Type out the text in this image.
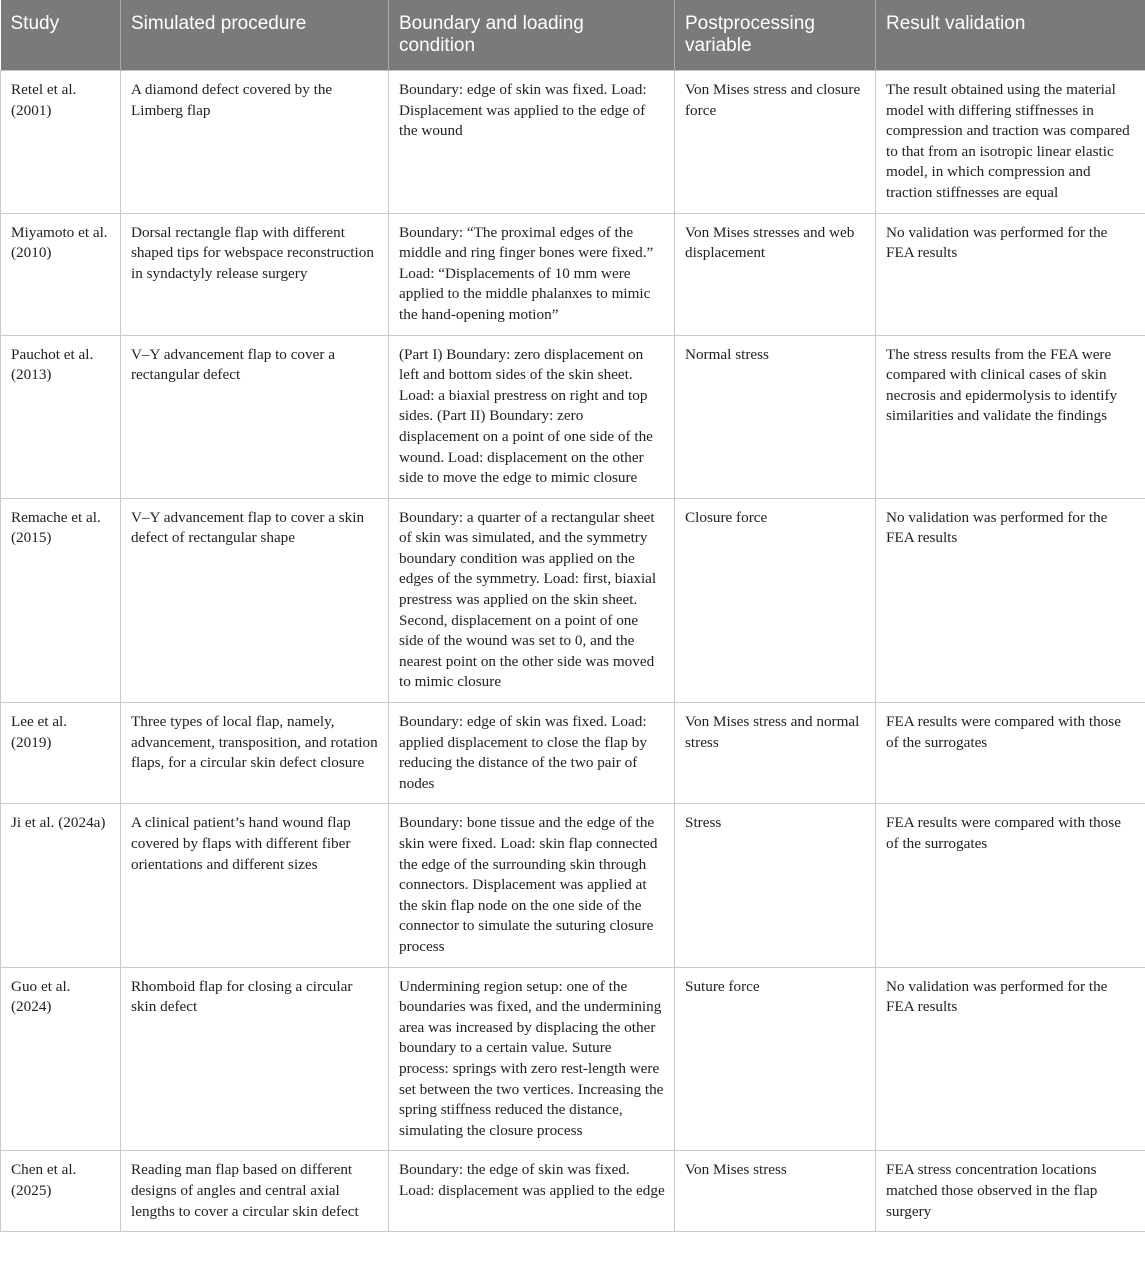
Study	Simulated procedure	Boundary and loading condition	Postprocessing variable	Result validation
Retel et al. (2001)	A diamond defect covered by the Limberg flap	Boundary: edge of skin was fixed. Load: Displacement was applied to the edge of the wound	Von Mises stress and closure force	The result obtained using the material model with differing stiffnesses in compression and traction was compared to that from an isotropic linear elastic model, in which compression and traction stiffnesses are equal
Miyamoto et al. (2010)	Dorsal rectangle flap with different shaped tips for webspace reconstruction in syndactyly release surgery	Boundary: “The proximal edges of the middle and ring finger bones were fixed.” Load: “Displacements of 10 mm were applied to the middle phalanxes to mimic the hand-opening motion”	Von Mises stresses and web displacement	No validation was performed for the FEA results
Pauchot et al. (2013)	V–Y advancement flap to cover a rectangular defect	(Part I) Boundary: zero displacement on left and bottom sides of the skin sheet. Load: a biaxial prestress on right and top sides. (Part II) Boundary: zero displacement on a point of one side of the wound. Load: displacement on the other side to move the edge to mimic closure	Normal stress	The stress results from the FEA were compared with clinical cases of skin necrosis and epidermolysis to identify similarities and validate the findings
Remache et al. (2015)	V–Y advancement flap to cover a skin defect of rectangular shape	Boundary: a quarter of a rectangular sheet of skin was simulated, and the symmetry boundary condition was applied on the edges of the symmetry. Load: first, biaxial prestress was applied on the skin sheet. Second, displacement on a point of one side of the wound was set to 0, and the nearest point on the other side was moved to mimic closure	Closure force	No validation was performed for the FEA results
Lee et al. (2019)	Three types of local flap, namely, advancement, transposition, and rotation flaps, for a circular skin defect closure	Boundary: edge of skin was fixed. Load: applied displacement to close the flap by reducing the distance of the two pair of nodes	Von Mises stress and normal stress	FEA results were compared with those of the surrogates
Ji et al. (2024a)	A clinical patient’s hand wound flap covered by flaps with different fiber orientations and different sizes	Boundary: bone tissue and the edge of the skin were fixed. Load: skin flap connected the edge of the surrounding skin through connectors. Displacement was applied at the skin flap node on the one side of the connector to simulate the suturing closure process	Stress	FEA results were compared with those of the surrogates
Guo et al. (2024)	Rhomboid flap for closing a circular skin defect	Undermining region setup: one of the boundaries was fixed, and the undermining area was increased by displacing the other boundary to a certain value. Suture process: springs with zero rest-length were set between the two vertices. Increasing the spring stiffness reduced the distance, simulating the closure process	Suture force	No validation was performed for the FEA results
Chen et al. (2025)	Reading man flap based on different designs of angles and central axial lengths to cover a circular skin defect	Boundary: the edge of skin was fixed. Load: displacement was applied to the edge	Von Mises stress	FEA stress concentration locations matched those observed in the flap surgery
